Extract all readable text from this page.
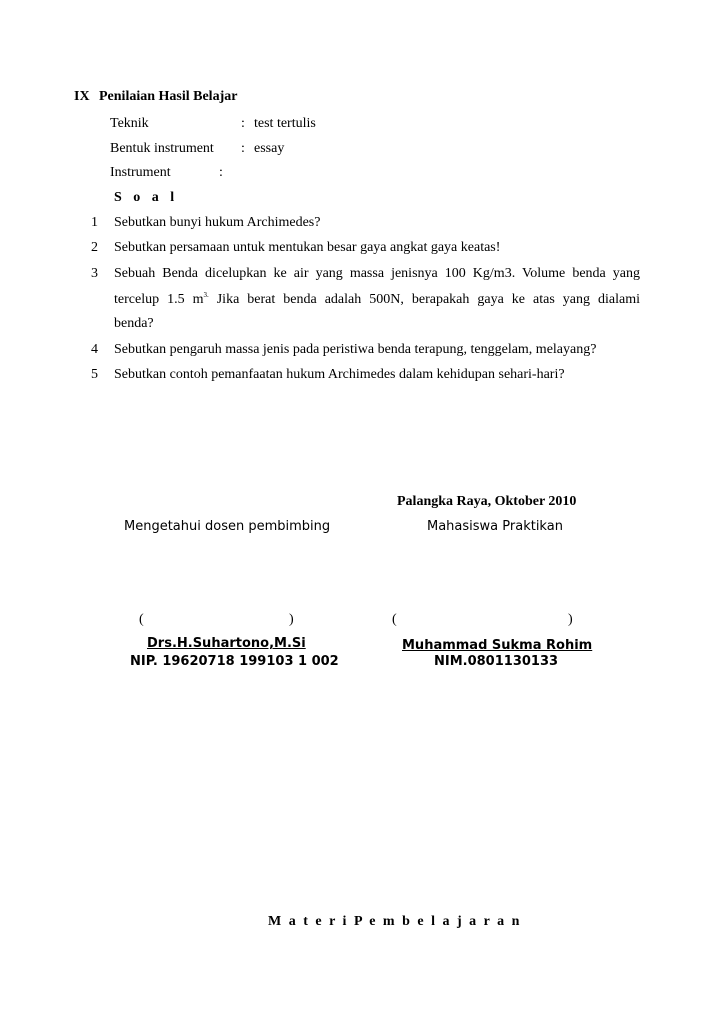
IX Penilaian Hasil Belajar
Teknik	: test tertulis
Bentuk instrument : essay
Instrument	:
S o a l
1 Sebutkan bunyi hukum Archimedes?
2 Sebutkan persamaan untuk mentukan besar gaya angkat gaya keatas!
3 Sebuah Benda dicelupkan ke air yang massa jenisnya 100 Kg/m3. Volume benda yang
tercelup 1.5 $m^{3.}$ Jika berat benda adalah 500N, berapakah gaya ke atas yang dialami
benda?
4 Sebutkan pengaruh massa jenis pada peristiwa benda terapung, tenggelam, melayang?
5 Sebutkan contoh pemanfaatan hukum Archimedes dalam kehidupan sehari-hari?
Palangka Raya, Oktober 2010
Mengetahui dosen pembimbing	Mahasiswa Praktikan
(	)	(	)
Drs.H.Suhartono,M.Si
NIP. 19620718 199103 1 002
Muhammad Sukma Rohim
NIM.0801130133
M a t e r i P e m b e l a j a r a n
